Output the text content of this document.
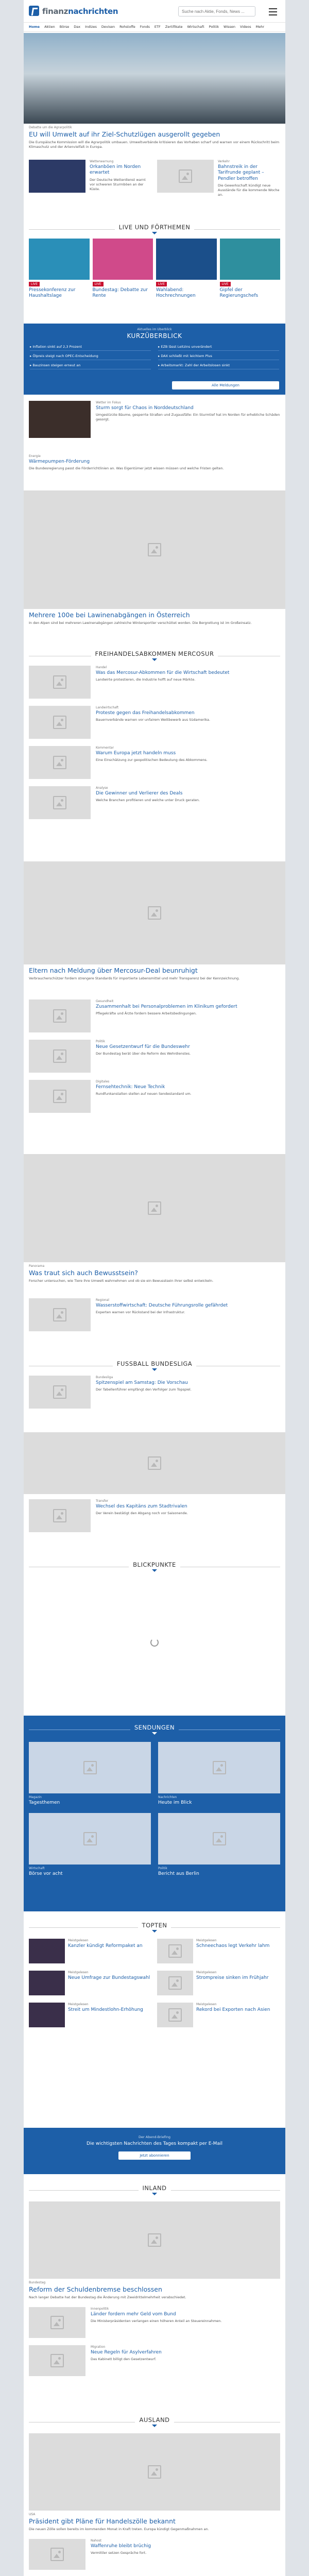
finanznachrichten
Suche nach Aktie, Fonds, News ...
Home Aktien Börse Dax Indizes Devisen Rohstoffe Fonds ETF Zertifikate Wirtschaft Politik Wissen Videos Mehr
Debatte um die Agrarpolitik
EU will Umwelt auf ihr Ziel-Schutzlügen ausgerollt gegeben
Die Europäische Kommission will die Agrarpolitik umbauen. Umweltverbände kritisieren das Vorhaben scharf und warnen vor einem Rückschritt beim Klimaschutz und der Artenvielfalt in Europa.
Wetterwarnung
Orkanböen im Norden erwartet
Der Deutsche Wetterdienst warnt vor schweren Sturmböen an der Küste.
Verkehr
Bahnstreik in der Tarifrunde geplant – Pendler betroffen
Die Gewerkschaft kündigt neue Ausstände für die kommende Woche an.
LIVE UND FÖRTHEMEN
LIVE
Pressekonferenz zur Haushaltslage
LIVE
Bundestag: Debatte zur Rente
LIVE
Wahlabend: Hochrechnungen
LIVE
Gipfel der Regierungschefs
Aktuelles im Überblick
KURZÜBERBLICK
▸ Inflation sinkt auf 2,3 Prozent	▸ EZB lässt Leitzins unverändert
▸ Ölpreis steigt nach OPEC-Entscheidung	▸ DAX schließt mit leichtem Plus
▸ Bauzinsen steigen erneut an	▸ Arbeitsmarkt: Zahl der Arbeitslosen sinkt
Alle Meldungen
Wetter im Fokus
Sturm sorgt für Chaos in Norddeutschland
Umgestürzte Bäume, gesperrte Straßen und Zugausfälle: Ein Sturmtief hat im Norden für erhebliche Schäden gesorgt.
Energie
Wärmepumpen-Förderung
Die Bundesregierung passt die Förderrichtlinien an. Was Eigentümer jetzt wissen müssen und welche Fristen gelten.
Mehrere 100e bei Lawinenabgängen in Österreich
In den Alpen sind bei mehreren Lawinenabgängen zahlreiche Wintersportler verschüttet worden. Die Bergrettung ist im Großeinsatz.
FREIHANDELSABKOMMEN MERCOSUR
Handel
Was das Mercosur-Abkommen für die Wirtschaft bedeutet
Landwirte protestieren, die Industrie hofft auf neue Märkte.
Landwirtschaft
Proteste gegen das Freihandelsabkommen
Bauernverbände warnen vor unfairem Wettbewerb aus Südamerika.
Kommentar
Warum Europa jetzt handeln muss
Eine Einschätzung zur geopolitischen Bedeutung des Abkommens.
Analyse
Die Gewinner und Verlierer des Deals
Welche Branchen profitieren und welche unter Druck geraten.
Eltern nach Meldung über Mercosur-Deal beunruhigt
Verbraucherschützer fordern strengere Standards für importierte Lebensmittel und mehr Transparenz bei der Kennzeichnung.
Gesundheit
Zusammenhalt bei Personalproblemen im Klinikum gefordert
Pflegekräfte und Ärzte fordern bessere Arbeitsbedingungen.
Politik
Neue Gesetzentwurf für die Bundeswehr
Der Bundestag berät über die Reform des Wehrdienstes.
Digitales
Fernsehtechnik: Neue Technik
Rundfunkanstalten stellen auf neuen Sendestandard um.
Panorama
Was traut sich auch Bewusstsein?
Forscher untersuchen, wie Tiere ihre Umwelt wahrnehmen und ob sie ein Bewusstsein ihrer selbst entwickeln.
Regional
Wasserstoffwirtschaft: Deutsche Führungsrolle gefährdet
Experten warnen vor Rückstand bei der Infrastruktur.
FUSSBALL BUNDESLIGA
Bundesliga
Spitzenspiel am Samstag: Die Vorschau
Der Tabellenführer empfängt den Verfolger zum Topspiel.
Transfer
Wechsel des Kapitäns zum Stadtrivalen
Der Verein bestätigt den Abgang noch vor Saisonende.
BLICKPUNKTE
SENDUNGEN
Magazin
Tagesthemen
Nachrichten
Heute im Blick
Wirtschaft
Börse vor acht
Politik
Bericht aus Berlin
TOPTEN
Meistgelesen
Kanzler kündigt Reformpaket an
Meistgelesen
Schneechaos legt Verkehr lahm
Meistgelesen
Neue Umfrage zur Bundestagswahl
Meistgelesen
Strompreise sinken im Frühjahr
Meistgelesen
Streit um Mindestlohn-Erhöhung
Meistgelesen
Rekord bei Exporten nach Asien
Der Abend-Briefing
Die wichtigsten Nachrichten des Tages kompakt per E-Mail
Jetzt abonnieren
INLAND
Bundestag
Reform der Schuldenbremse beschlossen
Nach langer Debatte hat der Bundestag die Änderung mit Zweidrittelmehrheit verabschiedet.
Innenpolitik
Länder fordern mehr Geld vom Bund
Die Ministerpräsidenten verlangen einen höheren Anteil an Steuereinnahmen.
Migration
Neue Regeln für Asylverfahren
Das Kabinett billigt den Gesetzentwurf.
AUSLAND
USA
Präsident gibt Pläne für Handelszölle bekannt
Die neuen Zölle sollen bereits im kommenden Monat in Kraft treten. Europa kündigt Gegenmaßnahmen an.
Nahost
Waffenruhe bleibt brüchig
Vermittler setzen Gespräche fort.
